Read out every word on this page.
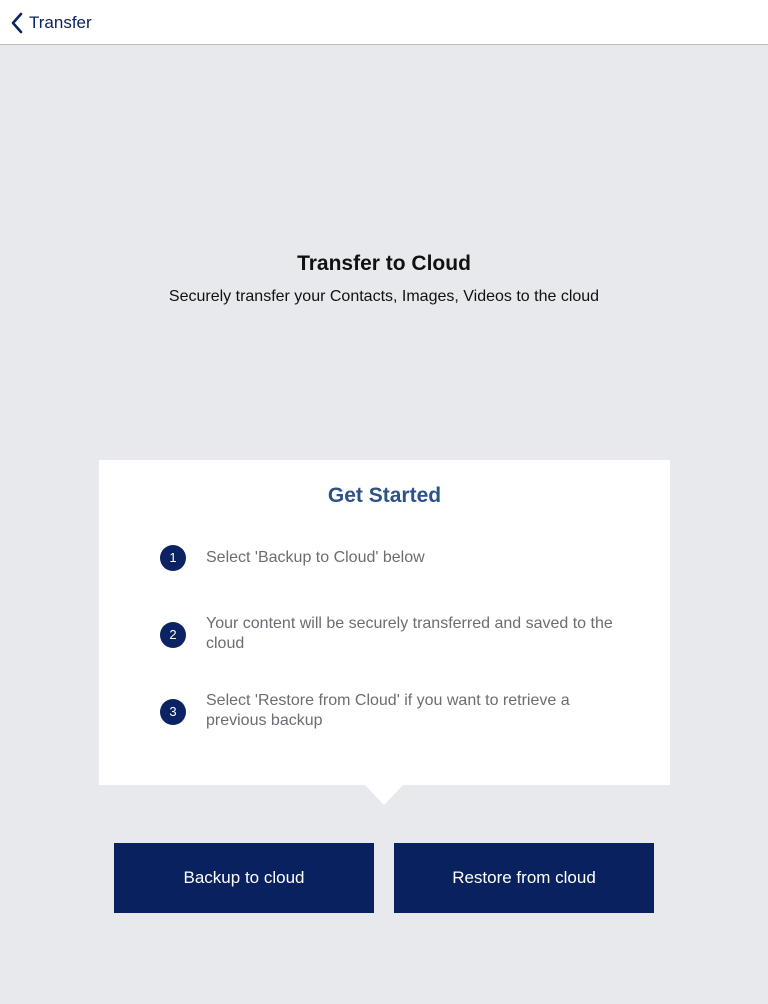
Transfer
Transfer to Cloud
Securely transfer your Contacts, Images, Videos to the cloud
Get Started
1	Select 'Backup to Cloud' below
2
Your content will be securely transferred and saved to the cloud
3
Select 'Restore from Cloud' if you want to retrieve a previous backup
Backup to cloud	Restore from cloud
